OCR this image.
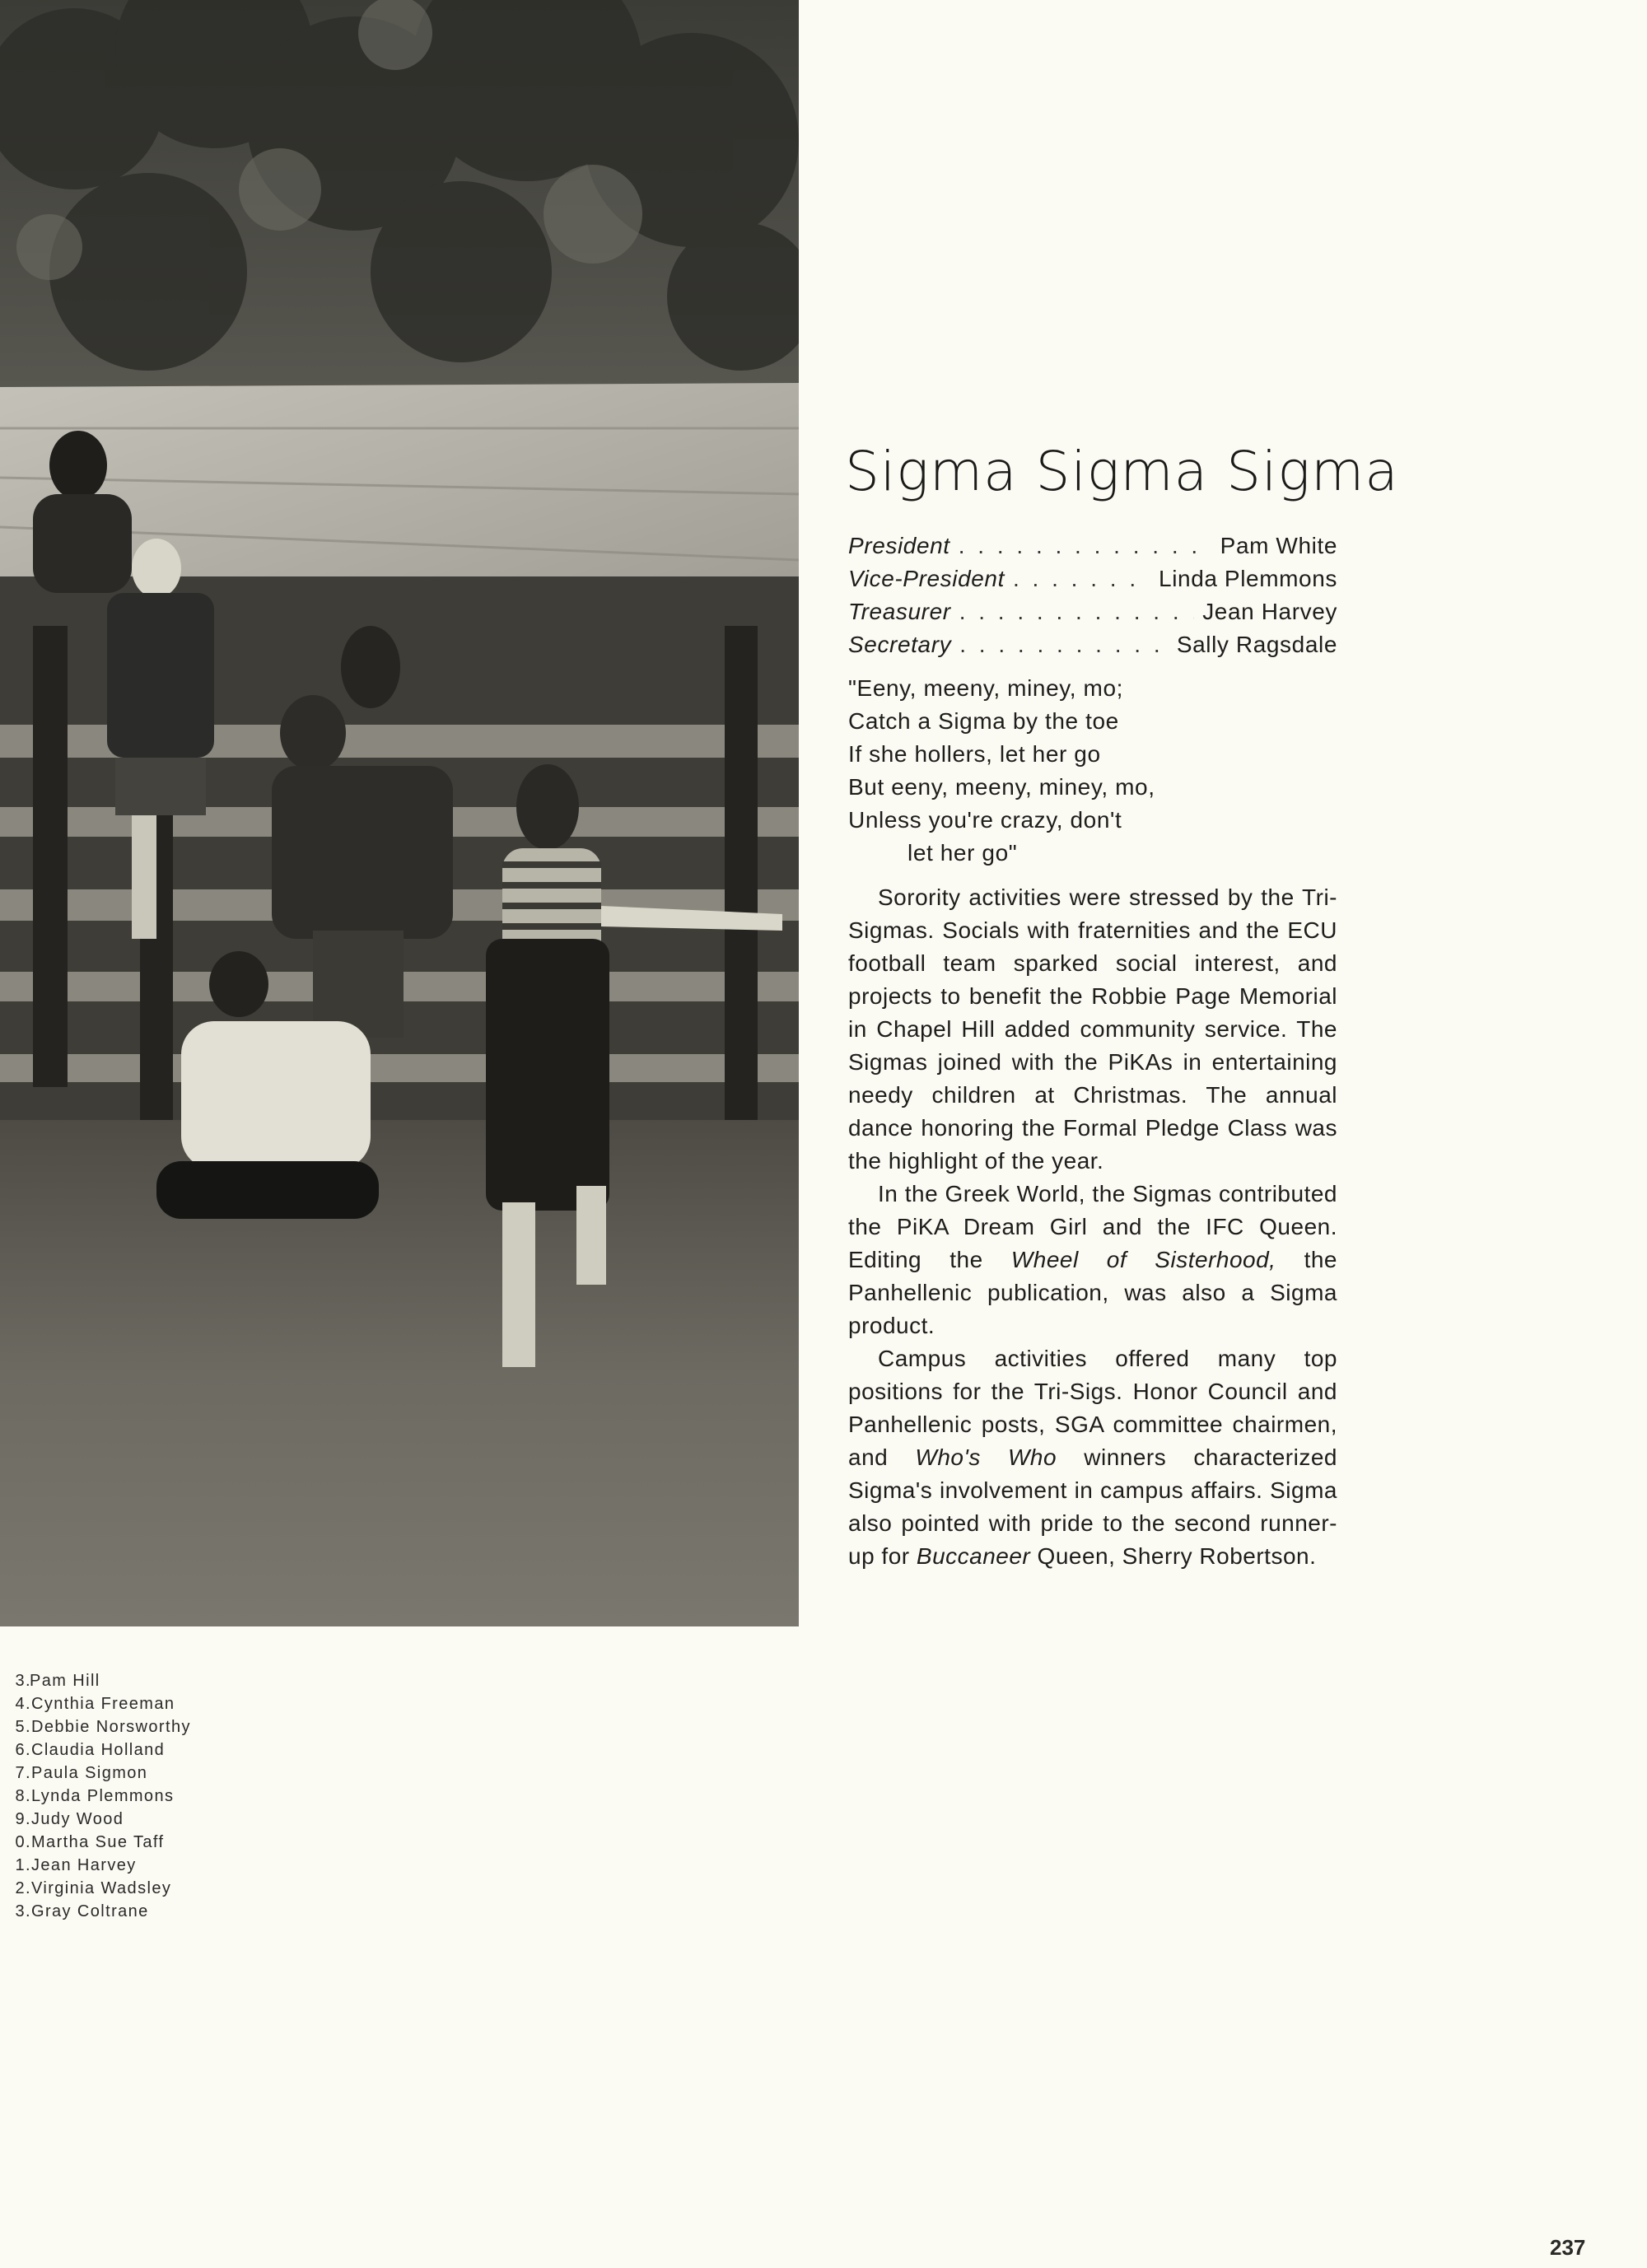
Sigma Sigma Sigma
President . . .	Pam White
Vice-President . . .	Linda Plemmons
Treasurer . . .	Jean Harvey
Secretary . . .	Sally Ragsdale
"Eeny, meeny, miney, mo;
Catch a Sigma by the toe
If she hollers, let her go
But eeny, meeny, miney, mo,
Unless you're crazy, don't
let her go"

Sorority activities were stressed by the Tri-Sigmas. Socials with fraternities and the ECU football team sparked social interest, and projects to benefit the Robbie Page Memorial in Chapel Hill added community service. The Sigmas joined with the PiKAs in entertaining needy children at Christmas. The annual dance honoring the Formal Pledge Class was the highlight of the year.

In the Greek World, the Sigmas contributed the PiKA Dream Girl and the IFC Queen. Editing the Wheel of Sisterhood, the Panhellenic publication, was also a Sigma product.

Campus activities offered many top positions for the Tri-Sigs. Honor Council and Panhellenic posts, SGA committee chairmen, and Who's Who winners characterized Sigma's involvement in campus affairs. Sigma also pointed with pride to the second runner-up for Buccaneer Queen, Sherry Robertson.

3.
Pam Hill
4. Cynthia Freeman
5. Debbie Norsworthy
6. Claudia Holland
7. Paula Sigmon
8. Lynda Plemmons
9. Judy Wood
0. Martha Sue Taff
1. Jean Harvey
2. Virginia Wadsley
3. Gray Coltrane
237
